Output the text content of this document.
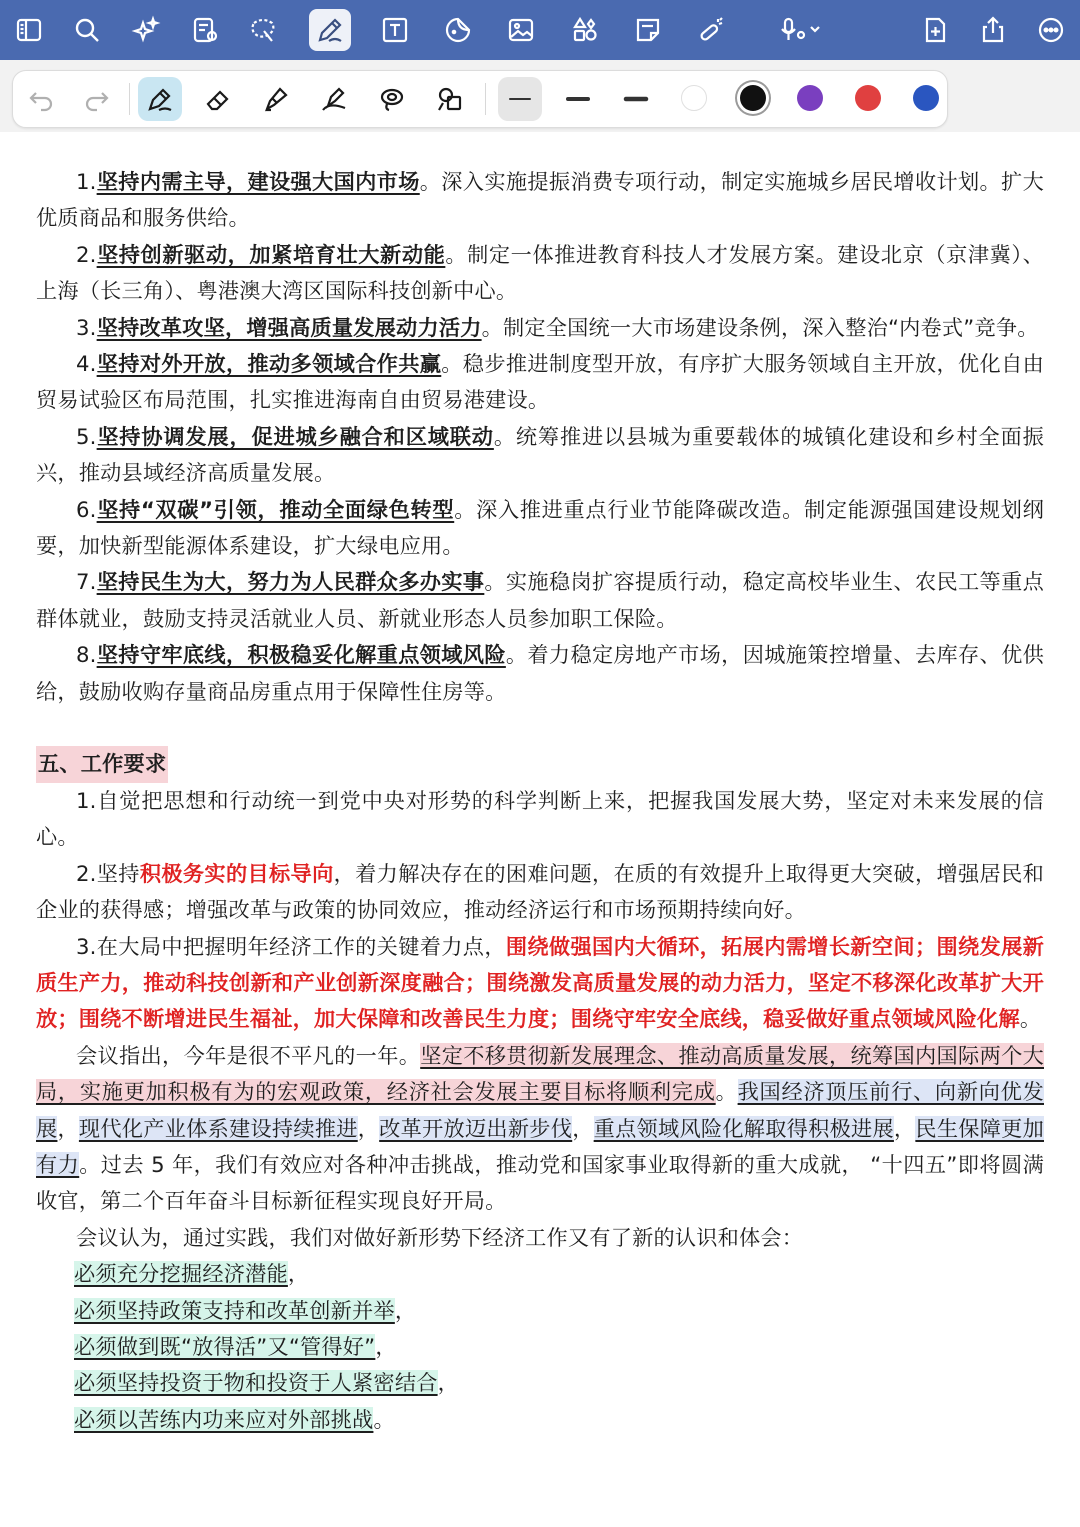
1.坚持内需主导，建设强大国内市场。深入实施提振消费专项行动，制定实施城乡居民增收计划。扩大优质商品和服务供给。

2.坚持创新驱动，加紧培育壮大新动能。制定一体推进教育科技人才发展方案。建设北京（京津冀）、上海（长三角）、粤港澳大湾区国际科技创新中心。

3.坚持改革攻坚，增强高质量发展动力活力。制定全国统一大市场建设条例，深入整治“内卷式”竞争。

4.坚持对外开放，推动多领域合作共赢。稳步推进制度型开放，有序扩大服务领域自主开放，优化自由贸易试验区布局范围，扎实推进海南自由贸易港建设。

5.坚持协调发展，促进城乡融合和区域联动。统筹推进以县城为重要载体的城镇化建设和乡村全面振兴，推动县域经济高质量发展。

6.坚持“双碳”引领，推动全面绿色转型。深入推进重点行业节能降碳改造。制定能源强国建设规划纲要，加快新型能源体系建设，扩大绿电应用。

7.坚持民生为大，努力为人民群众多办实事。实施稳岗扩容提质行动，稳定高校毕业生、农民工等重点群体就业，鼓励支持灵活就业人员、新就业形态人员参加职工保险。

8.坚持守牢底线，积极稳妥化解重点领域风险。着力稳定房地产市场，因城施策控增量、去库存、优供给，鼓励收购存量商品房重点用于保障性住房等。

五、工作要求

1.自觉把思想和行动统一到党中央对形势的科学判断上来，把握我国发展大势，坚定对未来发展的信心。

2.坚持积极务实的目标导向，着力解决存在的困难问题，在质的有效提升上取得更大突破，增强居民和企业的获得感；增强改革与政策的协同效应，推动经济运行和市场预期持续向好。

3.在大局中把握明年经济工作的关键着力点，围绕做强国内大循环，拓展内需增长新空间；围绕发展新质生产力，推动科技创新和产业创新深度融合；围绕激发高质量发展的动力活力，坚定不移深化改革扩大开放；围绕不断增进民生福祉，加大保障和改善民生力度；围绕守牢安全底线，稳妥做好重点领域风险化解。

会议指出，今年是很不平凡的一年。坚定不移贯彻新发展理念、推动高质量发展，统筹国内国际两个大局，实施更加积极有为的宏观政策，经济社会发展主要目标将顺利完成。我国经济顶压前行、向新向优发展，现代化产业体系建设持续推进，改革开放迈出新步伐，重点领域风险化解取得积极进展，民生保障更加有力。过去 5 年，我们有效应对各种冲击挑战，推动党和国家事业取得新的重大成就， “十四五”即将圆满收官，第二个百年奋斗目标新征程实现良好开局。

会议认为，通过实践，我们对做好新形势下经济工作又有了新的认识和体会：

必须充分挖掘经济潜能，

必须坚持政策支持和改革创新并举，

必须做到既“放得活”又“管得好”，

必须坚持投资于物和投资于人紧密结合，

必须以苦练内功来应对外部挑战。
